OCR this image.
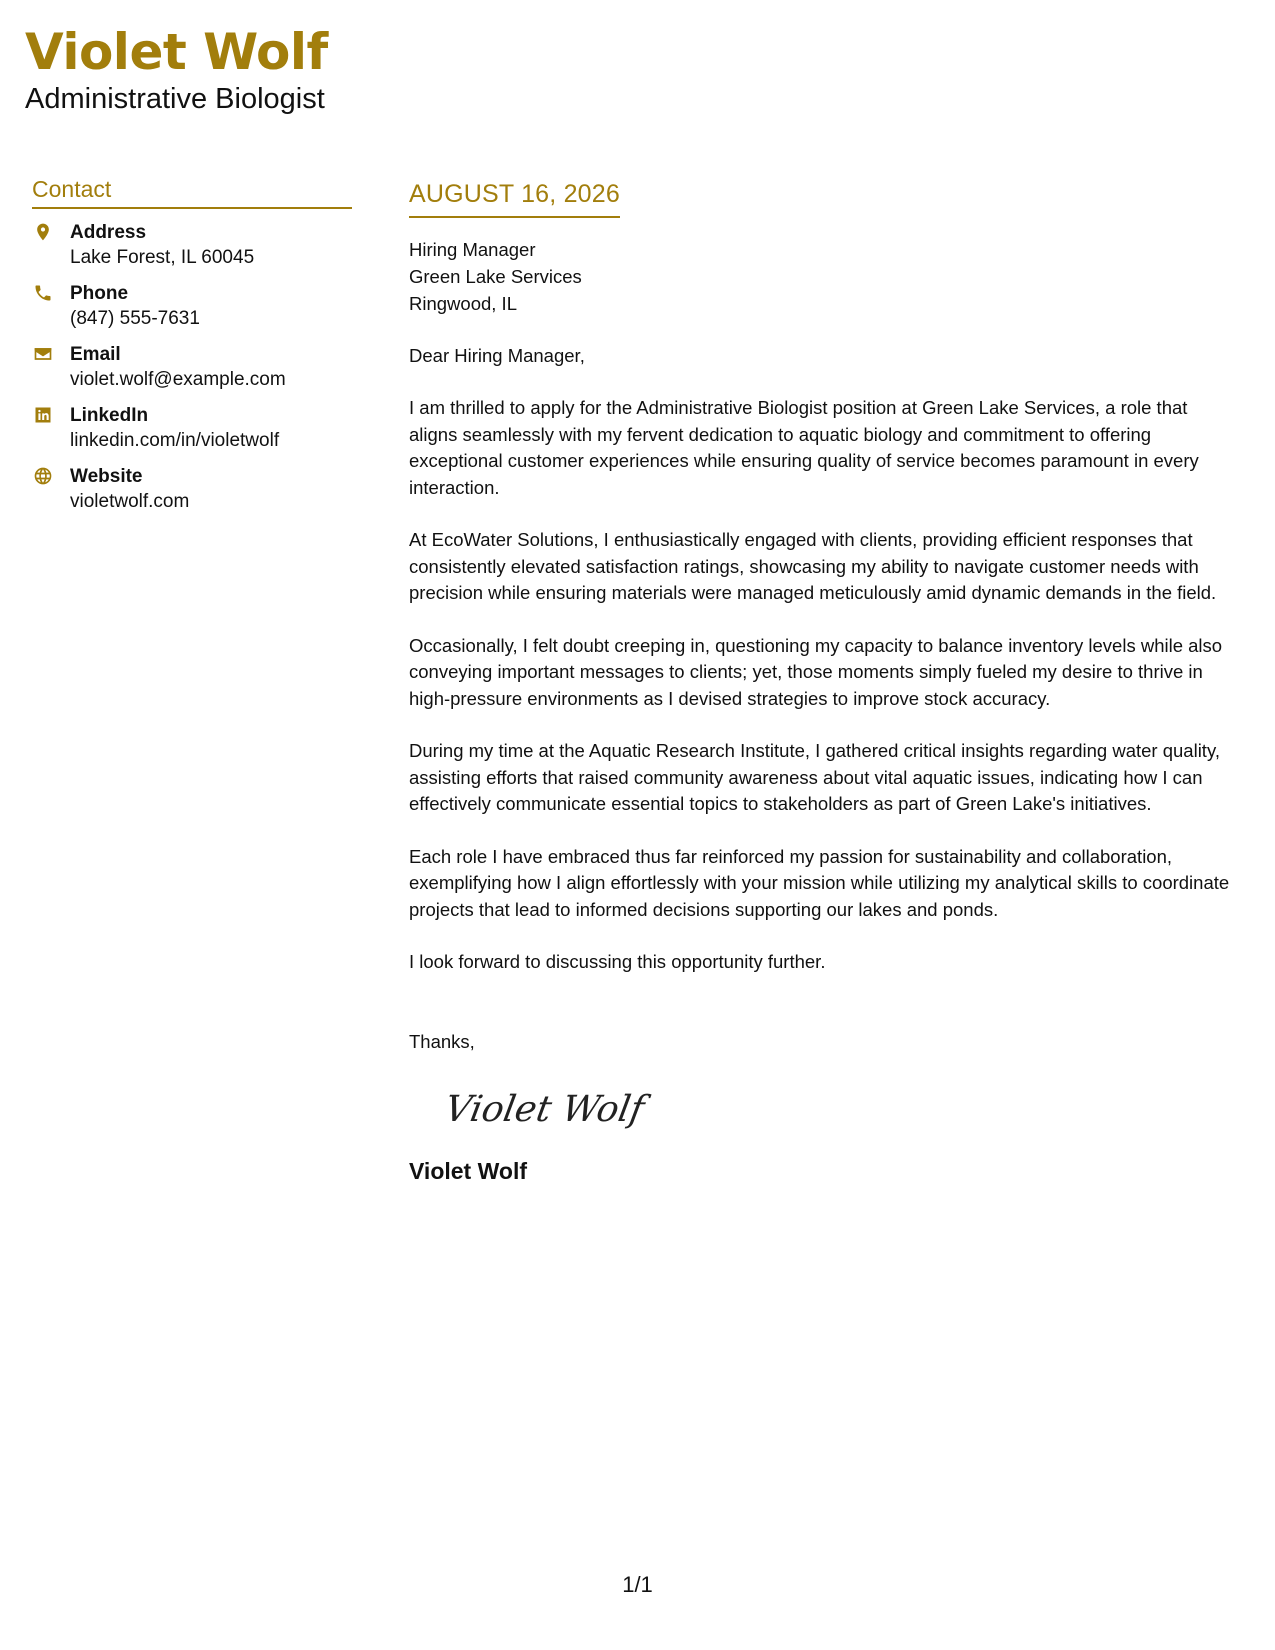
Violet Wolf
Administrative Biologist
Contact
Address
Lake Forest, IL 60045
Phone
(847) 555-7631
Email
violet.wolf@example.com
LinkedIn
linkedin.com/in/violetwolf
Website
violetwolf.com
AUGUST 16, 2026
Hiring Manager
Green Lake Services
Ringwood, IL
Dear Hiring Manager,
I am thrilled to apply for the Administrative Biologist position at Green Lake Services, a role that aligns seamlessly with my fervent dedication to aquatic biology and commitment to offering exceptional customer experiences while ensuring quality of service becomes paramount in every interaction.
At EcoWater Solutions, I enthusiastically engaged with clients, providing efficient responses that consistently elevated satisfaction ratings, showcasing my ability to navigate customer needs with precision while ensuring materials were managed meticulously amid dynamic demands in the field.
Occasionally, I felt doubt creeping in, questioning my capacity to balance inventory levels while also conveying important messages to clients; yet, those moments simply fueled my desire to thrive in high-pressure environments as I devised strategies to improve stock accuracy.
During my time at the Aquatic Research Institute, I gathered critical insights regarding water quality, assisting efforts that raised community awareness about vital aquatic issues, indicating how I can effectively communicate essential topics to stakeholders as part of Green Lake's initiatives.
Each role I have embraced thus far reinforced my passion for sustainability and collaboration, exemplifying how I align effortlessly with your mission while utilizing my analytical skills to coordinate projects that lead to informed decisions supporting our lakes and ponds.
I look forward to discussing this opportunity further.
Thanks,
Violet Wolf
Violet Wolf
1/1
